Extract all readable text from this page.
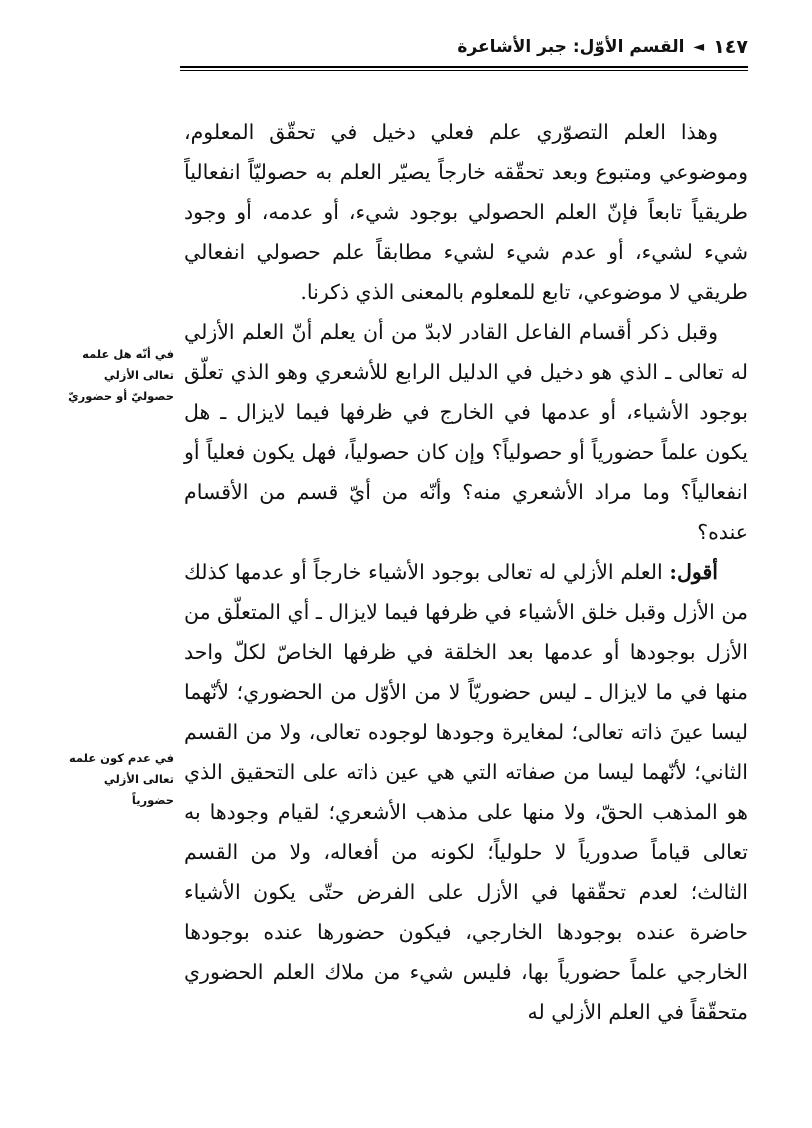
١٤٧
◄
القسم الأوّل: جبر الأشاعرة

وهذا العلم التصوّري علم فعلي دخيل في تحقّق المعلوم، وموضوعي ومتبوع وبعد تحقّقه خارجاً يصيّر العلم به حصوليّاً انفعالياً طريقياً تابعاً فإنّ العلم الحصولي بوجود شيء، أو عدمه، أو وجود شيء لشيء، أو عدم شيء لشيء مطابقاً علم حصولي انفعالي طريقي لا موضوعي، تابع للمعلوم بالمعنى الذي ذكرنا.

وقبل ذكر أقسام الفاعل القادر لابدّ من أن يعلم أنّ العلم الأزلي له تعالى ـ الذي هو دخيل في الدليل الرابع للأشعري وهو الذي تعلّق بوجود الأشياء، أو عدمها في الخارج في ظرفها فيما لايزال ـ هل يكون علماً حضورياً أو حصولياً؟ وإن كان حصولياً، فهل يكون فعلياً أو انفعالياً؟ وما مراد الأشعري منه؟ وأنّه من أيّ قسم من الأقسام عنده؟

أقول: العلم الأزلي له تعالى بوجود الأشياء خارجاً أو عدمها كذلك من الأزل وقبل خلق الأشياء في ظرفها فيما لايزال ـ أي المتعلّق من الأزل بوجودها أو عدمها بعد الخلقة في ظرفها الخاصّ لكلّ واحد منها في ما لايزال ـ ليس حضوريّاً لا من الأوّل من الحضوري؛ لأنّهما ليسا عينَ ذاته تعالى؛ لمغايرة وجودها لوجوده تعالى، ولا من القسم الثاني؛ لأنّهما ليسا من صفاته التي هي عين ذاته على التحقيق الذي هو المذهب الحقّ، ولا منها على مذهب الأشعري؛ لقيام وجودها به تعالى قياماً صدورياً لا حلولياً؛ لكونه من أفعاله، ولا من القسم الثالث؛ لعدم تحقّقها في الأزل على الفرض حتّى يكون الأشياء حاضرة عنده بوجودها الخارجي، فيكون حضورها عنده بوجودها الخارجي علماً حضورياً بها، فليس شيء من ملاك العلم الحضوري متحقّقاً في العلم الأزلي له

في أنّه هل علمه
تعالى الأزلي
حصوليّ أو حضوريّ
في عدم كون علمه
تعالى الأزلي
حضورياً
